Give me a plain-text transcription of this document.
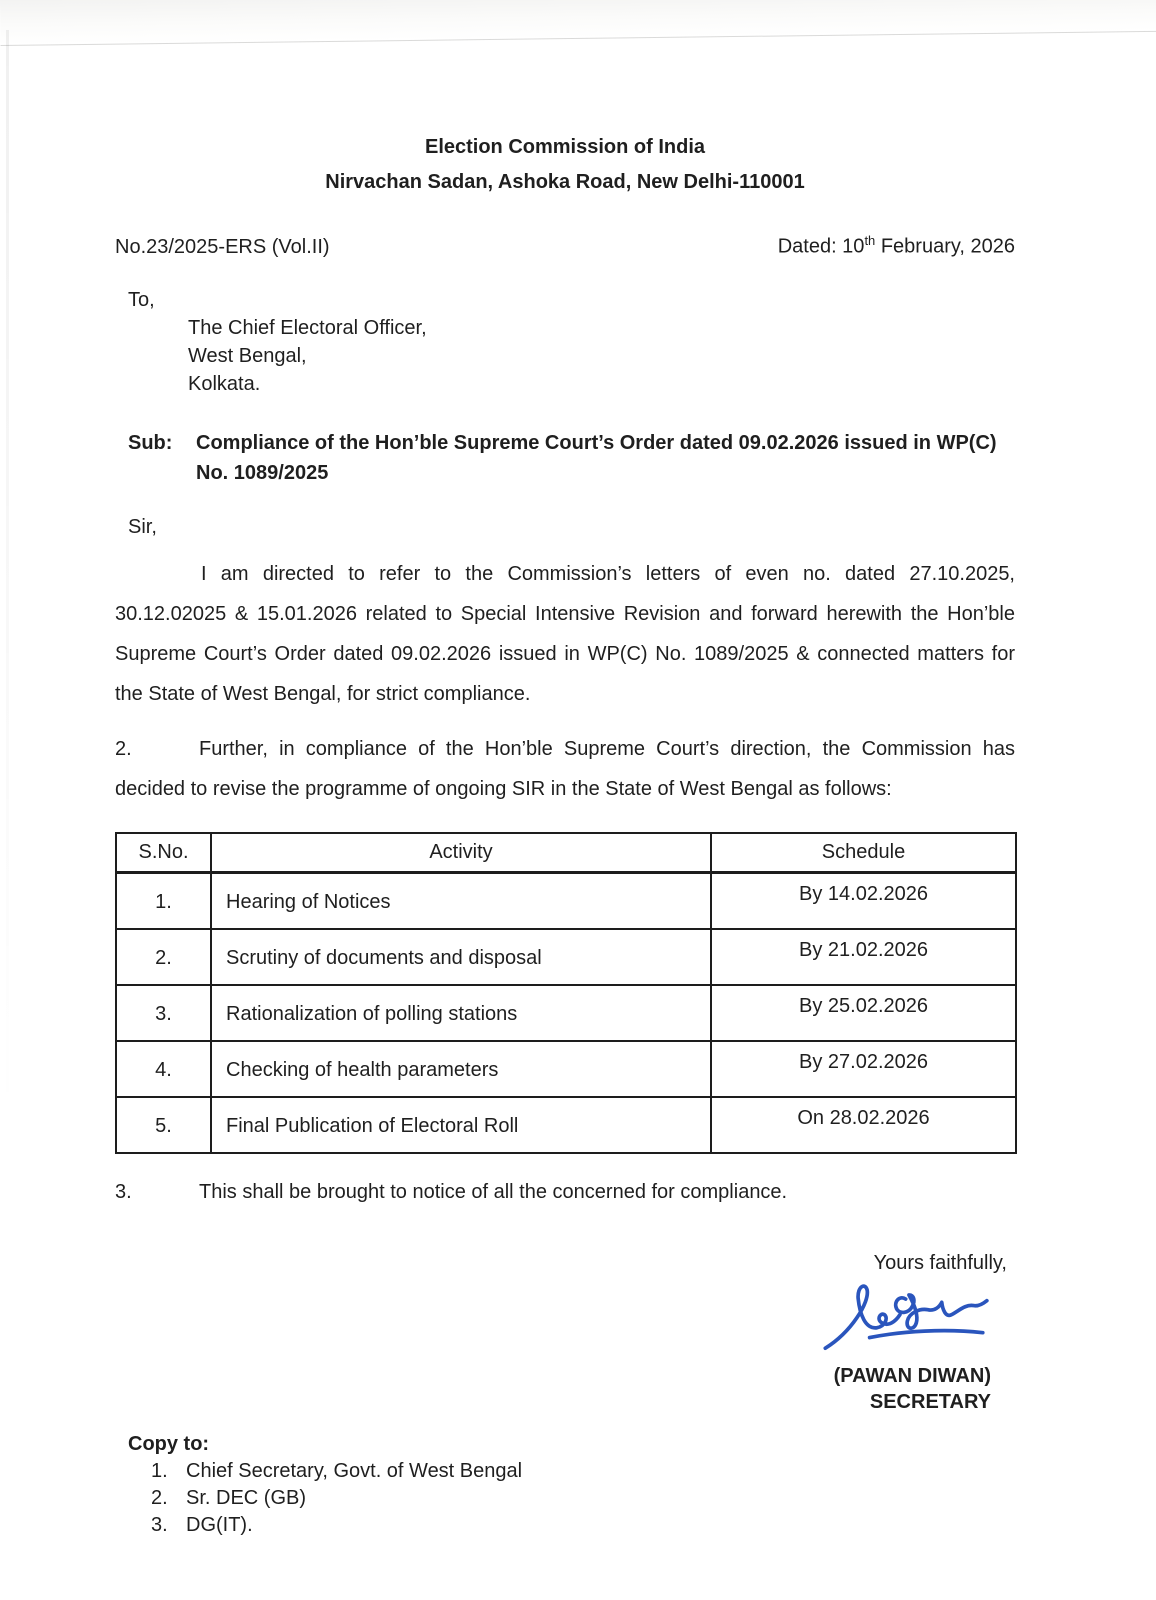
Election Commission of India
Nirvachan Sadan, Ashoka Road, New Delhi-110001
No.23/2025-ERS (Vol.II)	Dated: 10th February, 2026
To,
The Chief Electoral Officer,
West Bengal,
Kolkata.
Sub:	Compliance of the Hon’ble Supreme Court’s Order dated 09.02.2026 issued in WP(C) No. 1089/2025
Sir,

I am directed to refer to the Commission’s letters of even no. dated 27.10.2025, 30.12.02025 & 15.01.2026 related to Special Intensive Revision and forward herewith the Hon’ble Supreme Court’s Order dated 09.02.2026 issued in WP(C) No. 1089/2025 & connected matters for the State of West Bengal, for strict compliance.

2.	Further, in compliance of the Hon’ble Supreme Court’s direction, the Commission has decided to revise the programme of ongoing SIR in the State of West Bengal as follows:

S.No.	Activity	Schedule
1.	Hearing of Notices	By 14.02.2026
2.	Scrutiny of documents and disposal	By 21.02.2026
3.	Rationalization of polling stations	By 25.02.2026
4.	Checking of health parameters	By 27.02.2026
5.	Final Publication of Electoral Roll	On 28.02.2026

3.	This shall be brought to notice of all the concerned for compliance.

Yours faithfully,
(PAWAN DIWAN)
SECRETARY
Copy to:
1. Chief Secretary, Govt. of West Bengal
2. Sr. DEC (GB)
3. DG(IT).
